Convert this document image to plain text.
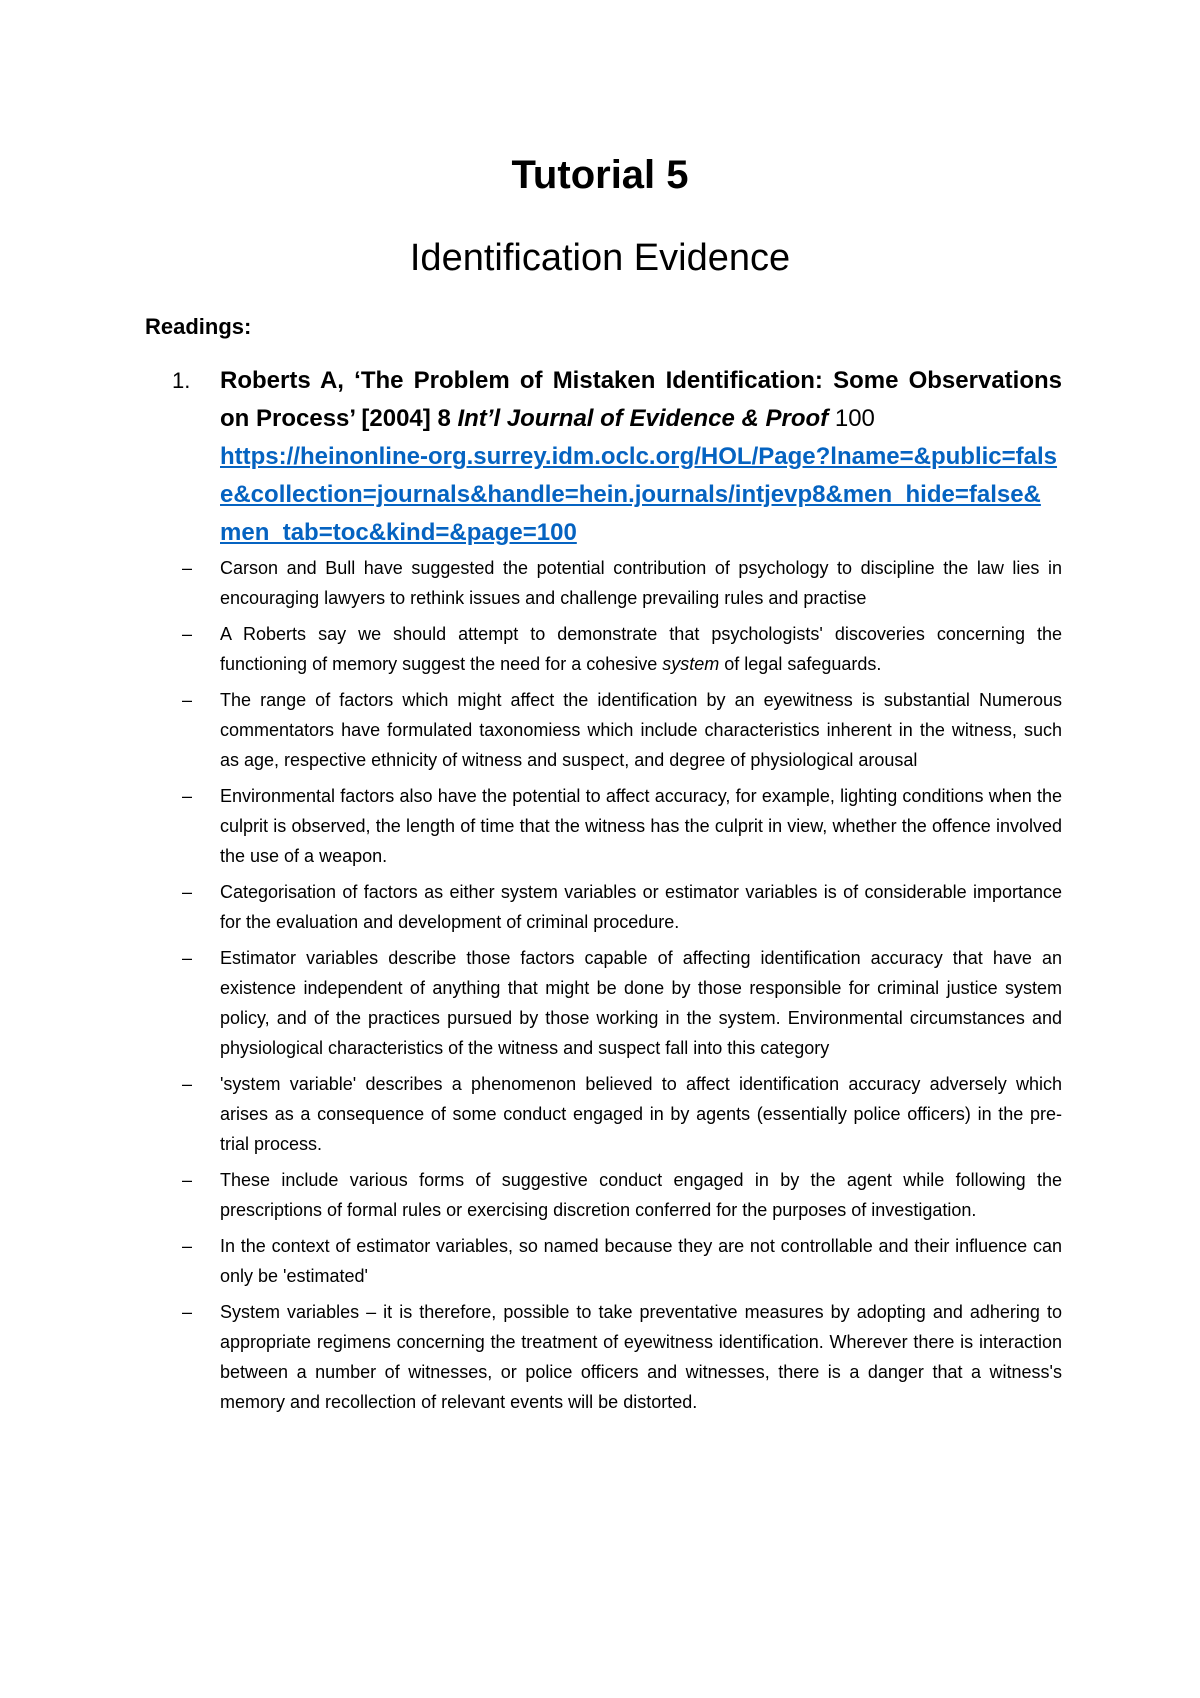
Tutorial 5
Identification Evidence
Readings:
1. Roberts A, ‘The Problem of Mistaken Identification: Some Observations on Process’ [2004] 8 Int’l Journal of Evidence & Proof 100
https://heinonline-org.surrey.idm.oclc.org/HOL/Page?lname=&public=false&collection=journals&handle=hein.journals/intjevp8&men_hide=false&men_tab=toc&kind=&page=100
– Carson and Bull have suggested the potential contribution of psychology to discipline the law lies in encouraging lawyers to rethink issues and challenge prevailing rules and practise
– A Roberts say we should attempt to demonstrate that psychologists' discoveries concerning the functioning of memory suggest the need for a cohesive system of legal safeguards.
– The range of factors which might affect the identification by an eyewitness is substantial Numerous commentators have formulated taxonomiess which include characteristics inherent in the witness, such as age, respective ethnicity of witness and suspect, and degree of physiological arousal
– Environmental factors also have the potential to affect accuracy, for example, lighting conditions when the culprit is observed, the length of time that the witness has the culprit in view, whether the offence involved the use of a weapon.
– Categorisation of factors as either system variables or estimator variables is of considerable importance for the evaluation and development of criminal procedure.
– Estimator variables describe those factors capable of affecting identification accuracy that have an existence independent of anything that might be done by those responsible for criminal justice system policy, and of the practices pursued by those working in the system. Environmental circumstances and physiological characteristics of the witness and suspect fall into this category
– 'system variable' describes a phenomenon believed to affect identification accuracy adversely which arises as a consequence of some conduct engaged in by agents (essentially police officers) in the pre-trial process.
– These include various forms of suggestive conduct engaged in by the agent while following the prescriptions of formal rules or exercising discretion conferred for the purposes of investigation.
– In the context of estimator variables, so named because they are not controllable and their influence can only be 'estimated'
– System variables – it is therefore, possible to take preventative measures by adopting and adhering to appropriate regimens concerning the treatment of eyewitness identification. Wherever there is interaction between a number of witnesses, or police officers and witnesses, there is a danger that a witness's memory and recollection of relevant events will be distorted.
